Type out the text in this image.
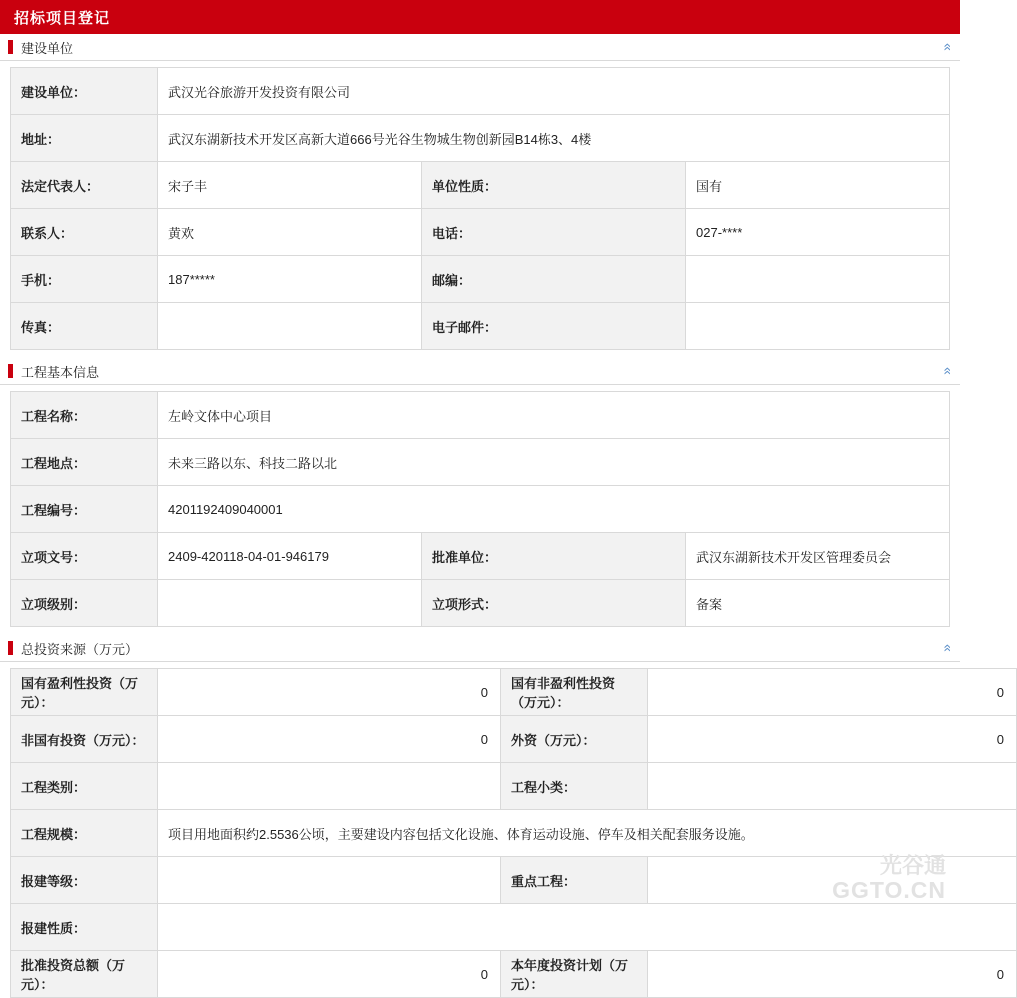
招标项目登记
建设单位	»
建设单位：	武汉光谷旅游开发投资有限公司		
地址：	武汉东湖新技术开发区高新大道666号光谷生物城生物创新园B14栋3、4楼		
法定代表人：	宋子丰	单位性质：	国有
联系人：	黄欢	电话：	027-****
手机：	187*****	邮编：	
传真：		电子邮件：	
工程基本信息	»
工程名称：	左岭文体中心项目		
工程地点：	未来三路以东、科技二路以北		
工程编号：	4201192409040001		
立项文号：	2409-420118-04-01-946179	批准单位：	武汉东湖新技术开发区管理委员会
立项级别：		立项形式：	备案
总投资来源（万元）	»
国有盈利性投资（万元）：	0	国有非盈利性投资（万元）：	0
非国有投资（万元）：	0	外资（万元）：	0
工程类别：		工程小类：	
工程规模：	项目用地面积约2.5536公顷，主要建设内容包括文化设施、体育运动设施、停车及相关配套服务设施。		
报建等级：		重点工程：	
报建性质：			
批准投资总额（万元）：	0	本年度投资计划（万元）：	0
光谷通
GGTO.CN
